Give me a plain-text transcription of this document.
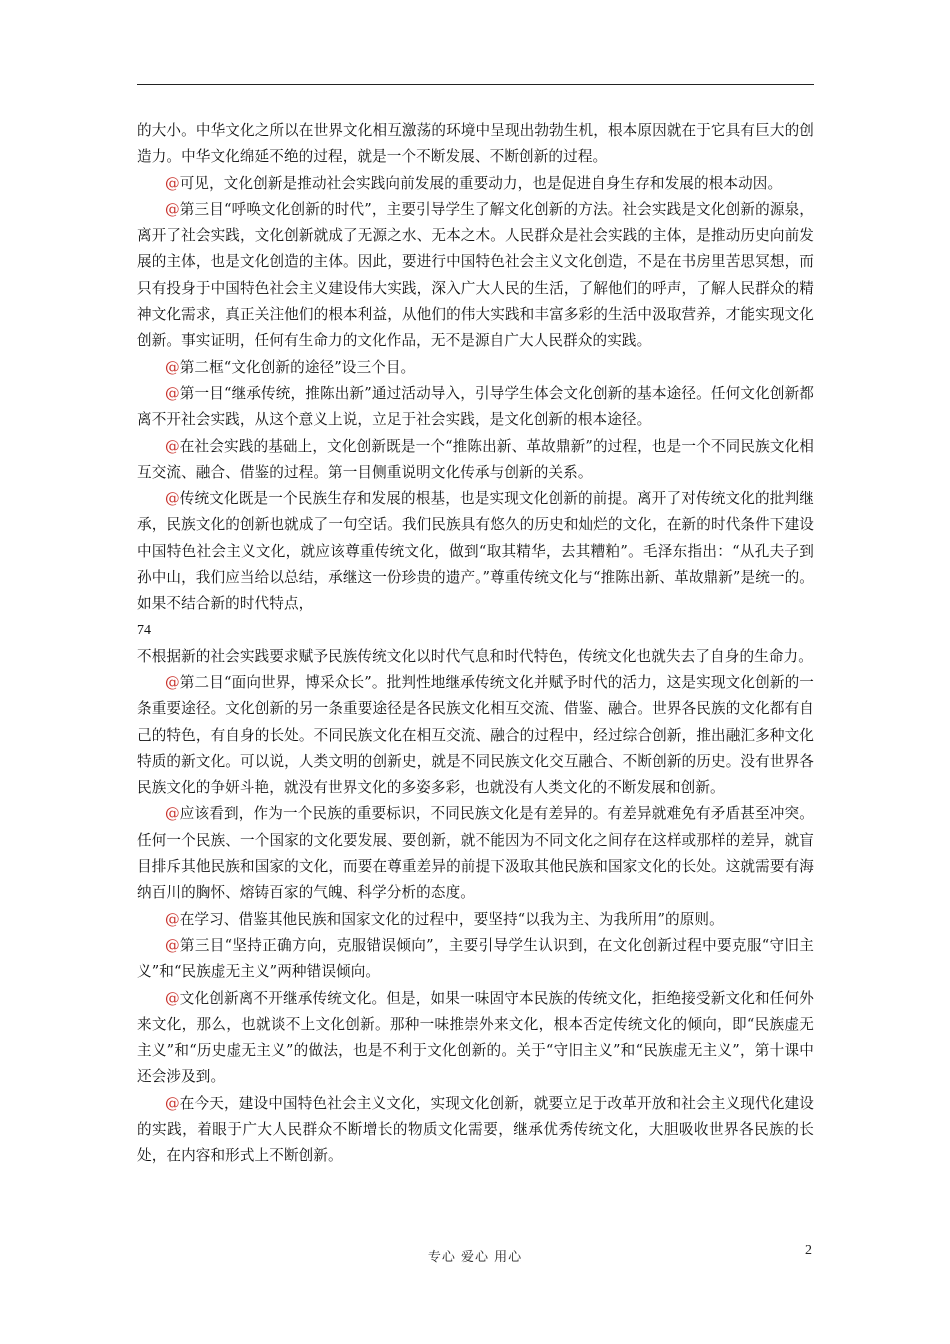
的大小。中华文化之所以在世界文化相互激荡的环境中呈现出勃勃生机，根本原因就在于它具有巨大的创造力。中华文化绵延不绝的过程，就是一个不断发展、不断创新的过程。

@可见，文化创新是推动社会实践向前发展的重要动力，也是促进自身生存和发展的根本动因。

@第三目“呼唤文化创新的时代”，主要引导学生了解文化创新的方法。社会实践是文化创新的源泉，离开了社会实践，文化创新就成了无源之水、无本之木。人民群众是社会实践的主体，是推动历史向前发展的主体，也是文化创造的主体。因此，要进行中国特色社会主义文化创造，不是在书房里苦思冥想，而只有投身于中国特色社会主义建设伟大实践，深入广大人民的生活，了解他们的呼声，了解人民群众的精神文化需求，真正关注他们的根本利益，从他们的伟大实践和丰富多彩的生活中汲取营养，才能实现文化创新。事实证明，任何有生命力的文化作品，无不是源自广大人民群众的实践。

@第二框“文化创新的途径”设三个目。

@第一目“继承传统，推陈出新”通过活动导入，引导学生体会文化创新的基本途径。任何文化创新都离不开社会实践，从这个意义上说，立足于社会实践，是文化创新的根本途径。

@在社会实践的基础上，文化创新既是一个“推陈出新、革故鼎新”的过程，也是一个不同民族文化相互交流、融合、借鉴的过程。第一目侧重说明文化传承与创新的关系。

@传统文化既是一个民族生存和发展的根基，也是实现文化创新的前提。离开了对传统文化的批判继承，民族文化的创新也就成了一句空话。我们民族具有悠久的历史和灿烂的文化，在新的时代条件下建设中国特色社会主义文化，就应该尊重传统文化，做到“取其精华，去其糟粕”。毛泽东指出：“从孔夫子到孙中山，我们应当给以总结，承继这一份珍贵的遗产。”尊重传统文化与“推陈出新、革故鼎新”是统一的。如果不结合新的时代特点，

74

不根据新的社会实践要求赋予民族传统文化以时代气息和时代特色，传统文化也就失去了自身的生命力。

@第二目“面向世界，博采众长”。批判性地继承传统文化并赋予时代的活力，这是实现文化创新的一条重要途径。文化创新的另一条重要途径是各民族文化相互交流、借鉴、融合。世界各民族的文化都有自己的特色，有自身的长处。不同民族文化在相互交流、融合的过程中，经过综合创新，推出融汇多种文化特质的新文化。可以说，人类文明的创新史，就是不同民族文化交互融合、不断创新的历史。没有世界各民族文化的争妍斗艳，就没有世界文化的多姿多彩，也就没有人类文化的不断发展和创新。

@应该看到，作为一个民族的重要标识，不同民族文化是有差异的。有差异就难免有矛盾甚至冲突。任何一个民族、一个国家的文化要发展、要创新，就不能因为不同文化之间存在这样或那样的差异，就盲目排斥其他民族和国家的文化，而要在尊重差异的前提下汲取其他民族和国家文化的长处。这就需要有海纳百川的胸怀、熔铸百家的气魄、科学分析的态度。

@在学习、借鉴其他民族和国家文化的过程中，要坚持“以我为主、为我所用”的原则。

@第三目“坚持正确方向，克服错误倾向”，主要引导学生认识到，在文化创新过程中要克服“守旧主义”和“民族虚无主义”两种错误倾向。

@文化创新离不开继承传统文化。但是，如果一味固守本民族的传统文化，拒绝接受新文化和任何外来文化，那么，也就谈不上文化创新。那种一味推崇外来文化，根本否定传统文化的倾向，即“民族虚无主义”和“历史虚无主义”的做法，也是不利于文化创新的。关于“守旧主义”和“民族虚无主义”，第十课中还会涉及到。

@在今天，建设中国特色社会主义文化，实现文化创新，就要立足于改革开放和社会主义现代化建设的实践，着眼于广大人民群众不断增长的物质文化需要，继承优秀传统文化，大胆吸收世界各民族的长处，在内容和形式上不断创新。

专心 爱心 用心	2
